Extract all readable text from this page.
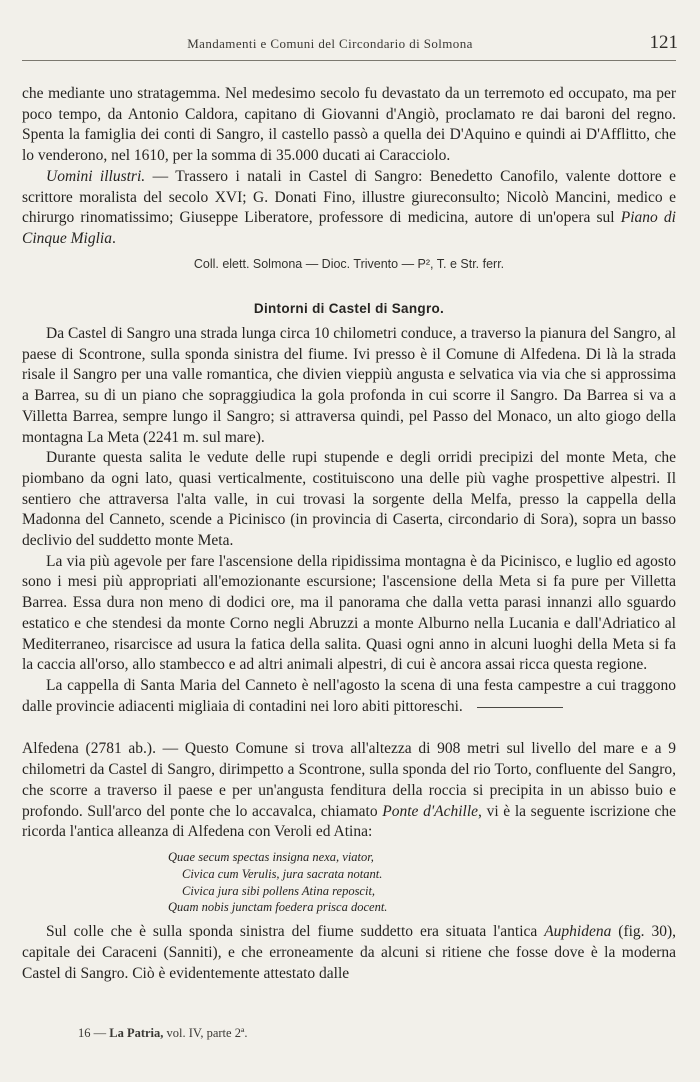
Mandamenti e Comuni del Circondario di Solmona	121

che mediante uno stratagemma. Nel medesimo secolo fu devastato da un terremoto ed occupato, ma per poco tempo, da Antonio Caldora, capitano di Giovanni d'Angiò, proclamato re dai baroni del regno. Spenta la famiglia dei conti di Sangro, il castello passò a quella dei D'Aquino e quindi ai D'Afflitto, che lo venderono, nel 1610, per la somma di 35.000 ducati ai Caracciolo.

Uomini illustri. — Trassero i natali in Castel di Sangro: Benedetto Canofilo, valente dottore e scrittore moralista del secolo XVI; G. Donati Fino, illustre giureconsulto; Nicolò Mancini, medico e chirurgo rinomatissimo; Giuseppe Liberatore, professore di medicina, autore di un'opera sul Piano di Cinque Miglia.

Coll. elett. Solmona — Dioc. Trivento — P², T. e Str. ferr.
Dintorni di Castel di Sangro.

Da Castel di Sangro una strada lunga circa 10 chilometri conduce, a traverso la pianura del Sangro, al paese di Scontrone, sulla sponda sinistra del fiume. Ivi presso è il Comune di Alfedena. Di là la strada risale il Sangro per una valle romantica, che divien vieppiù angusta e selvatica via via che si approssima a Barrea, su di un piano che sopraggiudica la gola profonda in cui scorre il Sangro. Da Barrea si va a Villetta Barrea, sempre lungo il Sangro; si attraversa quindi, pel Passo del Monaco, un alto giogo della montagna La Meta (2241 m. sul mare).

Durante questa salita le vedute delle rupi stupende e degli orridi precipizi del monte Meta, che piombano da ogni lato, quasi verticalmente, costituiscono una delle più vaghe prospettive alpestri. Il sentiero che attraversa l'alta valle, in cui trovasi la sorgente della Melfa, presso la cappella della Madonna del Canneto, scende a Picinisco (in provincia di Caserta, circondario di Sora), sopra un basso declivio del suddetto monte Meta.

La via più agevole per fare l'ascensione della ripidissima montagna è da Picinisco, e luglio ed agosto sono i mesi più appropriati all'emozionante escursione; l'ascensione della Meta si fa pure per Villetta Barrea. Essa dura non meno di dodici ore, ma il panorama che dalla vetta parasi innanzi allo sguardo estatico e che stendesi da monte Corno negli Abruzzi a monte Alburno nella Lucania e dall'Adriatico al Mediterraneo, risarcisce ad usura la fatica della salita. Quasi ogni anno in alcuni luoghi della Meta si fa la caccia all'orso, allo stambecco e ad altri animali alpestri, di cui è ancora assai ricca questa regione.

La cappella di Santa Maria del Canneto è nell'agosto la scena di una festa campestre a cui traggono dalle provincie adiacenti migliaia di contadini nei loro abiti pittoreschi.

Alfedena (2781 ab.). — Questo Comune si trova all'altezza di 908 metri sul livello del mare e a 9 chilometri da Castel di Sangro, dirimpetto a Scontrone, sulla sponda del rio Torto, confluente del Sangro, che scorre a traverso il paese e per un'angusta fenditura della roccia si precipita in un abisso buio e profondo. Sull'arco del ponte che lo accavalca, chiamato Ponte d'Achille, vi è la seguente iscrizione che ricorda l'antica alleanza di Alfedena con Veroli ed Atina:

Quae secum spectas insigna nexa, viator,
Civica cum Verulis, jura sacrata notant.
Civica jura sibi pollens Atina reposcit,
Quam nobis junctam foedera prisca docent.

Sul colle che è sulla sponda sinistra del fiume suddetto era situata l'antica Auphidena (fig. 30), capitale dei Caraceni (Sanniti), e che erroneamente da alcuni si ritiene che fosse dove è la moderna Castel di Sangro. Ciò è evidentemente attestato dalle

16 — La Patria, vol. IV, parte 2ª.
